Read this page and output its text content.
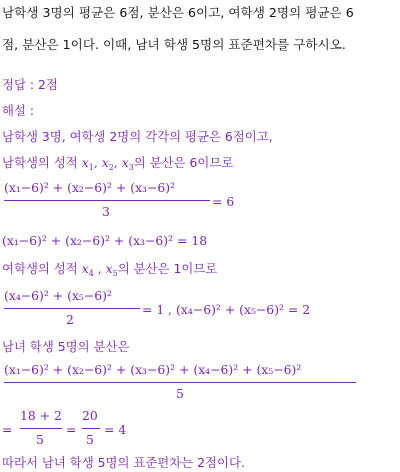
남학생 3명의 평균은 6점, 분산은 6이고, 여학생 2명의 평균은 6
점, 분산은 1이다. 이때, 남녀 학생 5명의 표준편차를 구하시오.
정답 : 2점
해설 :
남학생 3명, 여학생 2명의 각각의 평균은 6점이고,
남학생의 성적 $x_1$, $x_2$, $x_3$의 분산은 6이므로
(x₁−6)² + (x₂−6)² + (x₃−6)²
3
= 6
(x₁−6)² + (x₂−6)² + (x₃−6)² = 18
여학생의 성적 $x_4$ , $x_5$의 분산은 1이므로
(x₄−6)² + (x₅−6)²
2
= 1 , (x₄−6)² + (x₅−6)² = 2
남녀 학생 5명의 분산은
(x₁−6)² + (x₂−6)² + (x₃−6)² + (x₄−6)² + (x₅−6)²
5
=
18 + 2
5
=
20
5
= 4
따라서 남녀 학생 5명의 표준편차는 2점이다.
